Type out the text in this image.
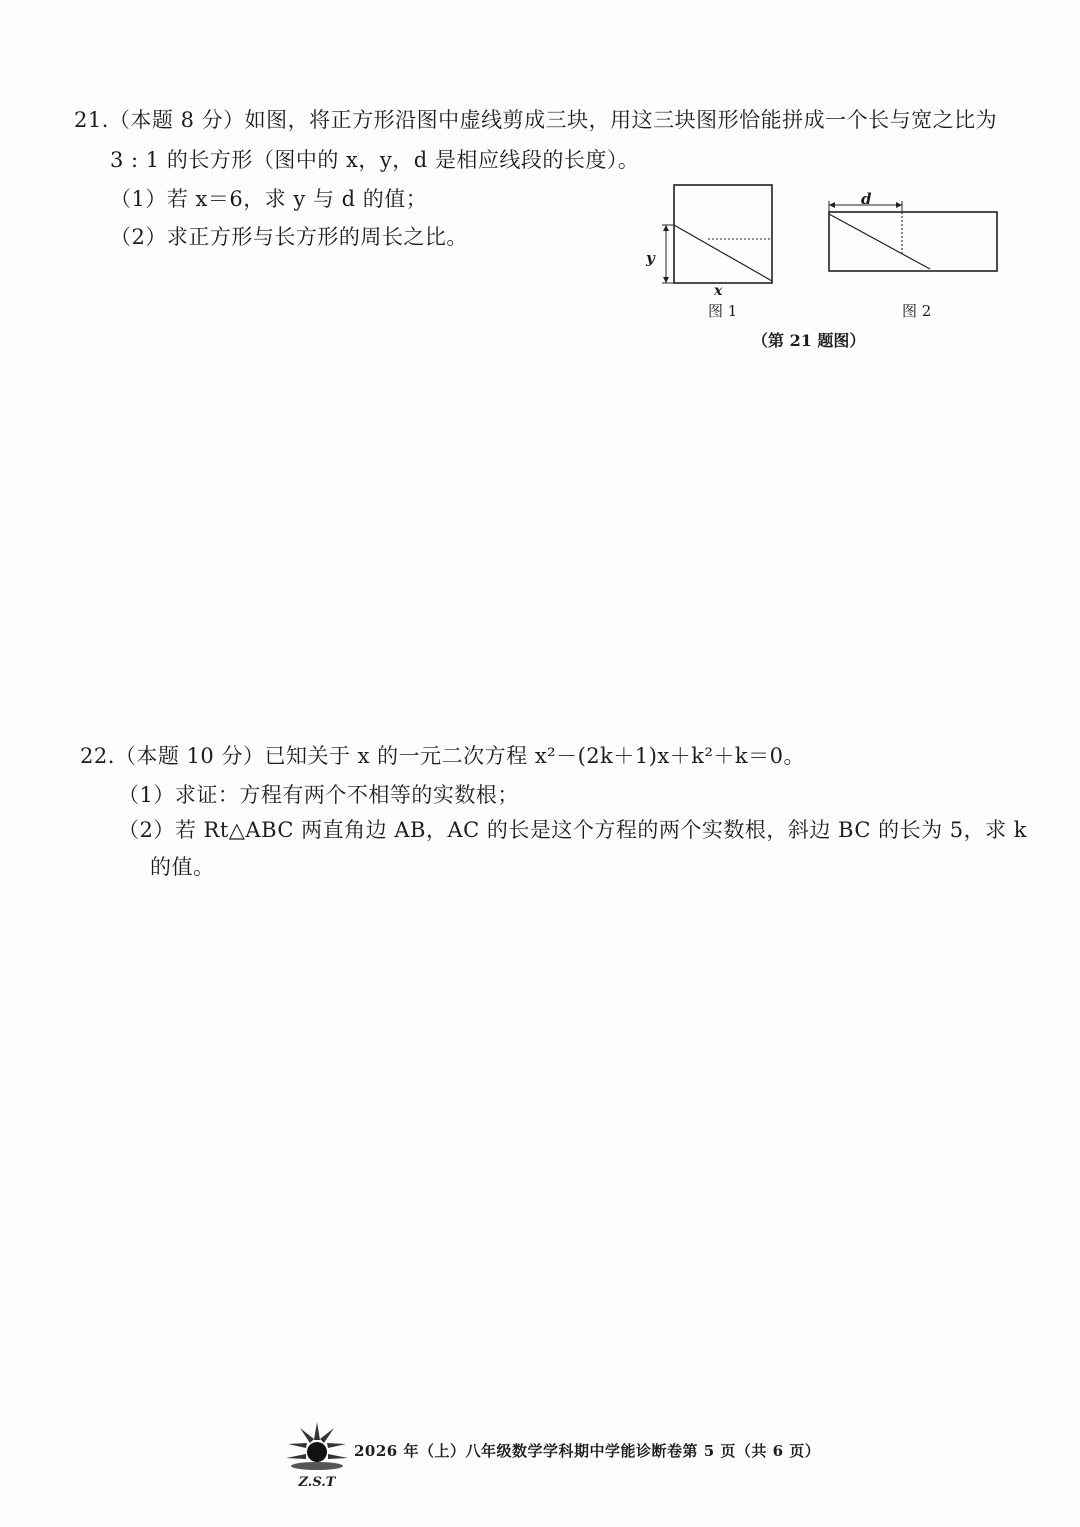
21.（本题 8 分）如图，将正方形沿图中虚线剪成三块，用这三块图形恰能拼成一个长与宽之比为
3 : 1 的长方形（图中的 x，y，d 是相应线段的长度）。
（1）若 x＝6，求 y 与 d 的值；
（2）求正方形与长方形的周长之比。
x
y
d
图 1	图 2
（第 21 题图）
22.（本题 10 分）已知关于 x 的一元二次方程 x²－(2k＋1)x＋k²＋k＝0。
（1）求证：方程有两个不相等的实数根；
（2）若 Rt△ABC 两直角边 AB，AC 的长是这个方程的两个实数根，斜边 BC 的长为 5，求 k
的值。
Z.S.T
2026 年（上）八年级数学学科期中学能诊断卷第 5 页（共 6 页）
